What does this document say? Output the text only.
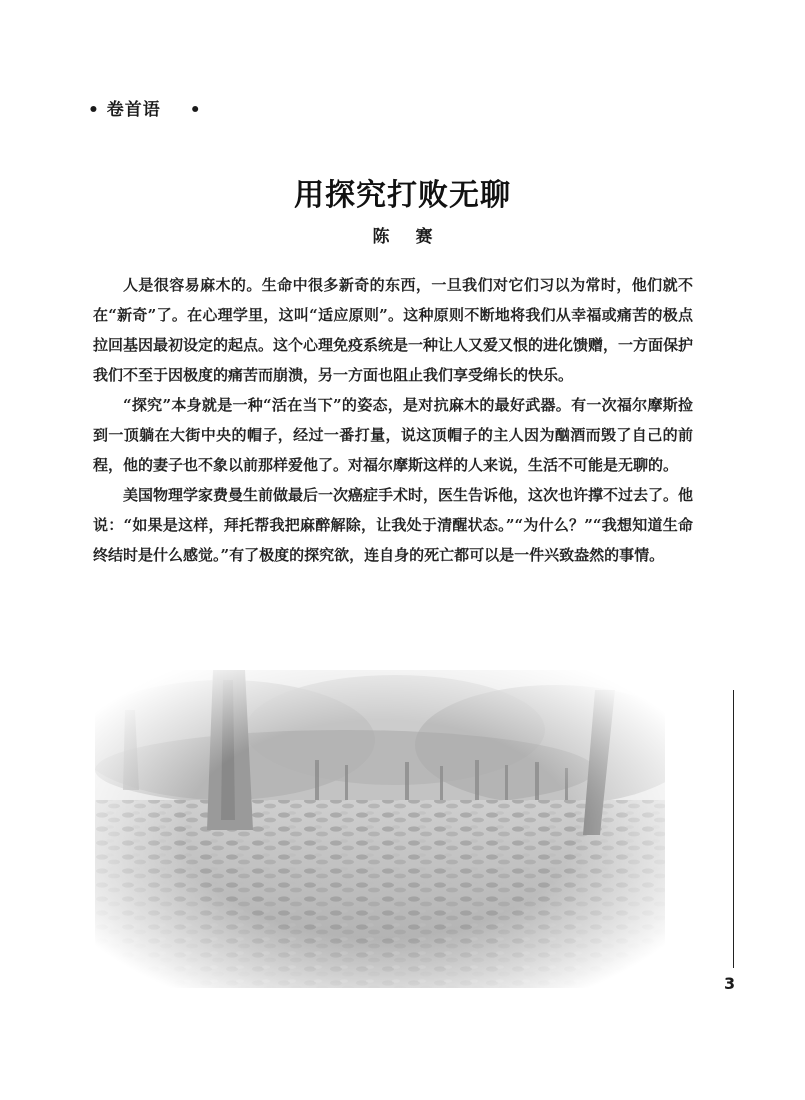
• 卷首语 •
用探究打败无聊
陈赛

人是很容易麻木的。生命中很多新奇的东西，一旦我们对它们习以为常时，他们就不在“新奇”了。在心理学里，这叫“适应原则”。这种原则不断地将我们从幸福或痛苦的极点拉回基因最初设定的起点。这个心理免疫系统是一种让人又爱又恨的进化馈赠，一方面保护我们不至于因极度的痛苦而崩溃，另一方面也阻止我们享受绵长的快乐。

“探究”本身就是一种“活在当下”的姿态，是对抗麻木的最好武器。有一次福尔摩斯捡到一顶躺在大街中央的帽子，经过一番打量，说这顶帽子的主人因为酗酒而毁了自己的前程，他的妻子也不象以前那样爱他了。对福尔摩斯这样的人来说，生活不可能是无聊的。

美国物理学家费曼生前做最后一次癌症手术时，医生告诉他，这次也许撑不过去了。他说：“如果是这样，拜托帮我把麻醉解除，让我处于清醒状态。”“为什么？”“我想知道生命终结时是什么感觉。”有了极度的探究欲，连自身的死亡都可以是一件兴致盎然的事情。

3
